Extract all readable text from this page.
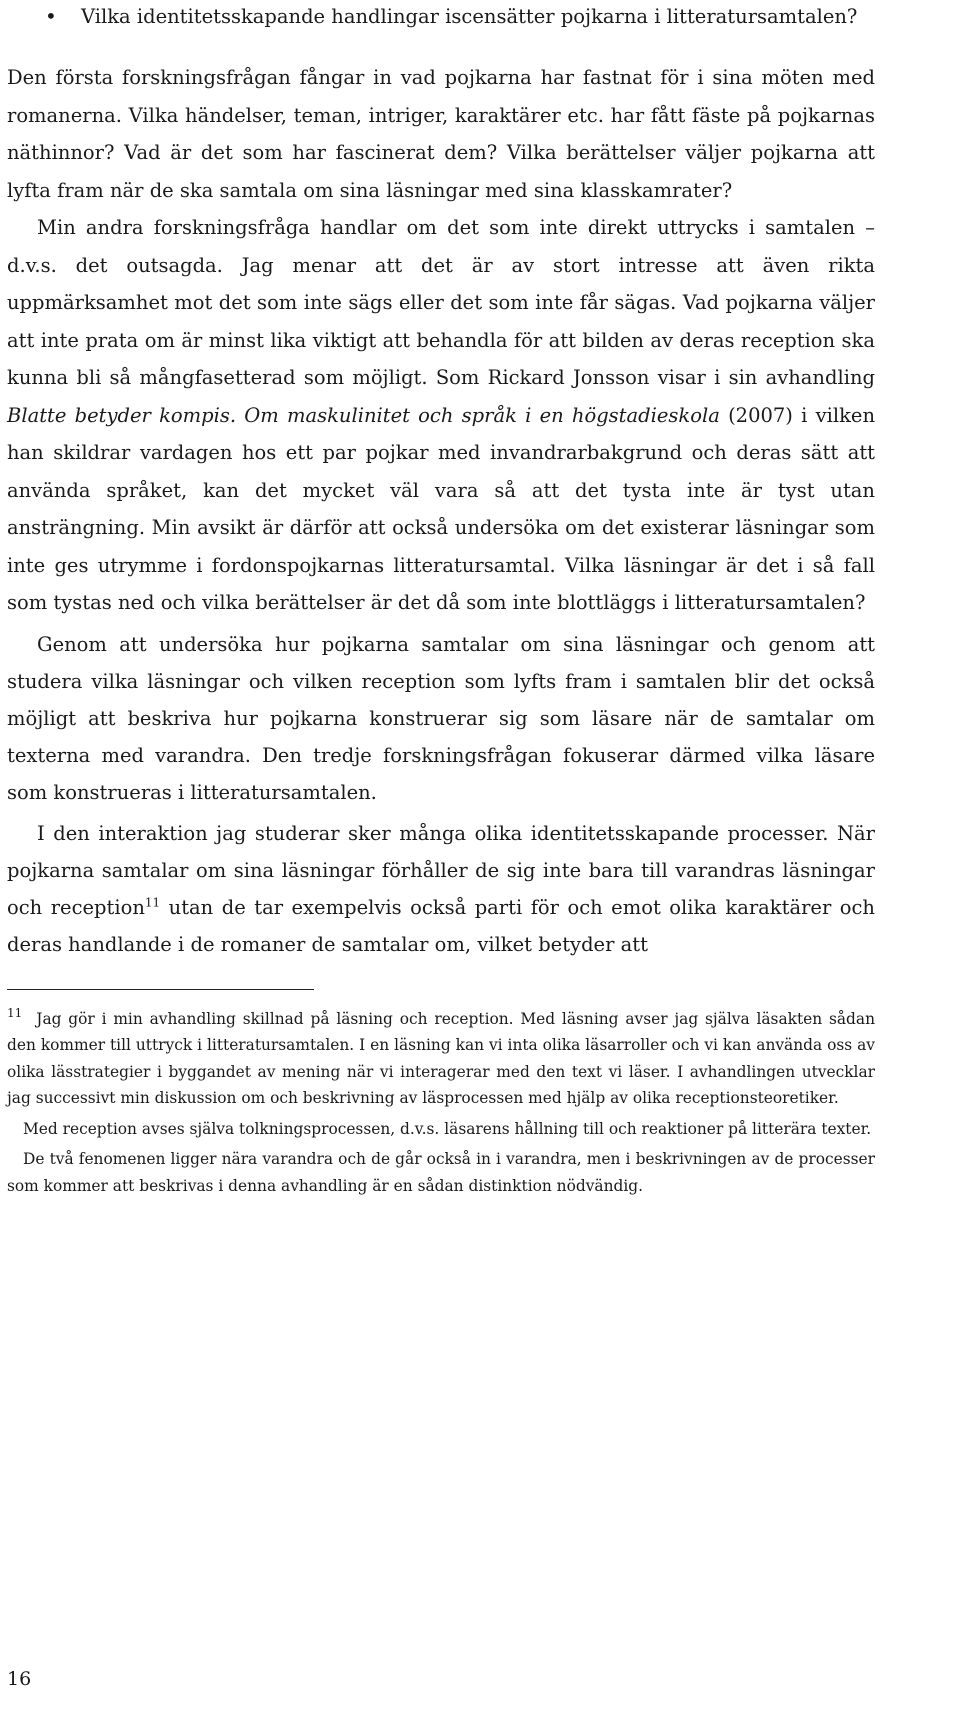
• Vilka identitetsskapande handlingar iscensätter pojkarna i litteratursamtalen?

Den första forskningsfrågan fångar in vad pojkarna har fastnat för i sina möten med romanerna. Vilka händelser, teman, intriger, karaktärer etc. har fått fäste på pojkarnas näthinnor? Vad är det som har fascinerat dem? Vilka berättelser väljer pojkarna att lyfta fram när de ska samtala om sina läsningar med sina klasskamrater?

Min andra forskningsfråga handlar om det som inte direkt uttrycks i samtalen – d.v.s. det outsagda. Jag menar att det är av stort intresse att även rikta uppmärksamhet mot det som inte sägs eller det som inte får sägas. Vad pojkarna väljer att inte prata om är minst lika viktigt att behandla för att bilden av deras reception ska kunna bli så mångfasetterad som möjligt. Som Rickard Jonsson visar i sin avhandling Blatte betyder kompis. Om maskulinitet och språk i en högstadieskola (2007) i vilken han skildrar vardagen hos ett par pojkar med invandrarbakgrund och deras sätt att använda språket, kan det mycket väl vara så att det tysta inte är tyst utan ansträngning. Min avsikt är därför att också undersöka om det existerar läsningar som inte ges utrymme i fordonspojkarnas litteratursamtal. Vilka läsningar är det i så fall som tystas ned och vilka berättelser är det då som inte blottläggs i litteratursamtalen?

Genom att undersöka hur pojkarna samtalar om sina läsningar och genom att studera vilka läsningar och vilken reception som lyfts fram i samtalen blir det också möjligt att beskriva hur pojkarna konstruerar sig som läsare när de samtalar om texterna med varandra. Den tredje forskningsfrågan fokuserar därmed vilka läsare som konstrueras i litteratursamtalen.

I den interaktion jag studerar sker många olika identitetsskapande processer. När pojkarna samtalar om sina läsningar förhåller de sig inte bara till varandras läsningar och reception$^{11}$ utan de tar exempelvis också parti för och emot olika karaktärer och deras handlande i de romaner de samtalar om, vilket betyder att

$^{11}$ Jag gör i min avhandling skillnad på läsning och reception. Med läsning avser jag själva läsakten sådan den kommer till uttryck i litteratursamtalen. I en läsning kan vi inta olika läsarroller och vi kan använda oss av olika lässtrategier i byggandet av mening när vi interagerar med den text vi läser. I avhandlingen utvecklar jag successivt min diskussion om och beskrivning av läsprocessen med hjälp av olika receptionsteoretiker.

Med reception avses själva tolkningsprocessen, d.v.s. läsarens hållning till och reaktioner på litterära texter.

De två fenomenen ligger nära varandra och de går också in i varandra, men i beskrivningen av de processer som kommer att beskrivas i denna avhandling är en sådan distinktion nödvändig.

16
